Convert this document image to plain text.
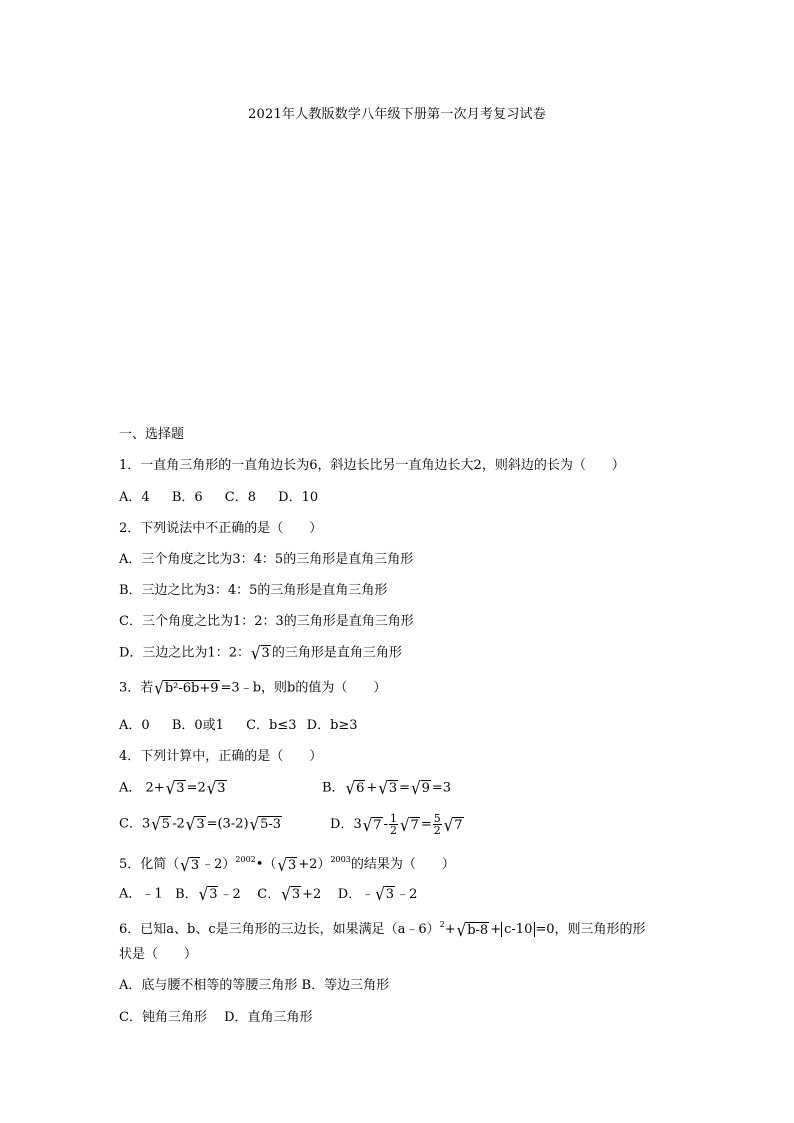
2021年人教版数学八年级下册第一次月考复习试卷
一、选择题
1．一直角三角形的一直角边长为6，斜边长比另一直角边长大2，则斜边的长为（　　）
A．4 B．6 C．8 D．10
2．下列说法中不正确的是（　　）
A．三个角度之比为3：4：5的三角形是直角三角形
B．三边之比为3：4：5的三角形是直角三角形
C．三个角度之比为1：2：3的三角形是直角三角形
D．三边之比为1：2： √ 3 的三角形是直角三角形
3．若 √ b²-6b+9 =3﹣b，则b的值为（　　）
A．0 B．0或1 C．b≤3 D．b≥3
4．下列计算中，正确的是（　　）
A． 2+ √ 3 =2 √ 3	B． √ 6 + √ 3 = √ 9 =3
C．3 √ 5 -2 √ 3 =(3-2) √ 5-3	D．3 √ $7 - \frac{1}{2}$ √ $7 = \frac{5}{2}$ √ 7
5．化简（ √ 3 ﹣2）$^{2002}$•（ √ 3 +2）$^{2003}$的结果为（　　）
A．﹣1 B． √ 3 ﹣2 C． √ 3 +2 D．﹣ √ 3 ﹣2
6．已知a、b、c是三角形的三边长，如果满足（a﹣6）$^2$+ √ b-8 + c-10 =0，则三角形的形
状是（　　）
A．底与腰不相等的等腰三角形 B．等边三角形
C．钝角三角形　 D．直角三角形
